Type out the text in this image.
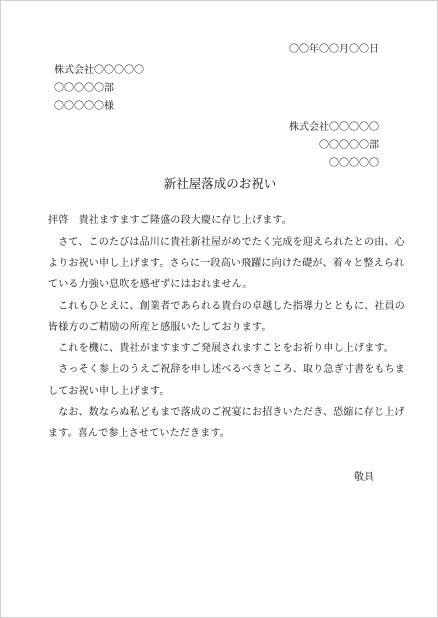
〇〇年〇〇月〇〇日
株式会社〇〇〇〇〇
〇〇〇〇〇部
〇〇〇〇〇様
株式会社〇〇〇〇〇
〇〇〇〇〇部
〇〇〇〇〇
新社屋落成のお祝い
拝啓　貴社ますますご隆盛の段大慶に存じ上げます。
　さて、このたびは品川に貴社新社屋がめでたく完成を迎えられたとの由、心
よりお祝い申し上げます。さらに一段高い飛躍に向けた礎が、着々と整えられ
ている力強い息吹を感ぜずにはおれません。
　これもひとえに、創業者であられる貴台の卓越した指導力とともに、社員の
皆様方のご精励の所産と感服いたしております。
　これを機に、貴社がますますご発展されますことをお祈り申し上げます。
　さっそく参上のうえご祝辞を申し述べるべきところ、取り急ぎ寸書をもちま
してお祝い申し上げます。
　なお、数ならぬ私どもまで落成のご祝宴にお招きいただき、恐縮に存じ上げ
ます。喜んで参上させていただきます。
敬具
